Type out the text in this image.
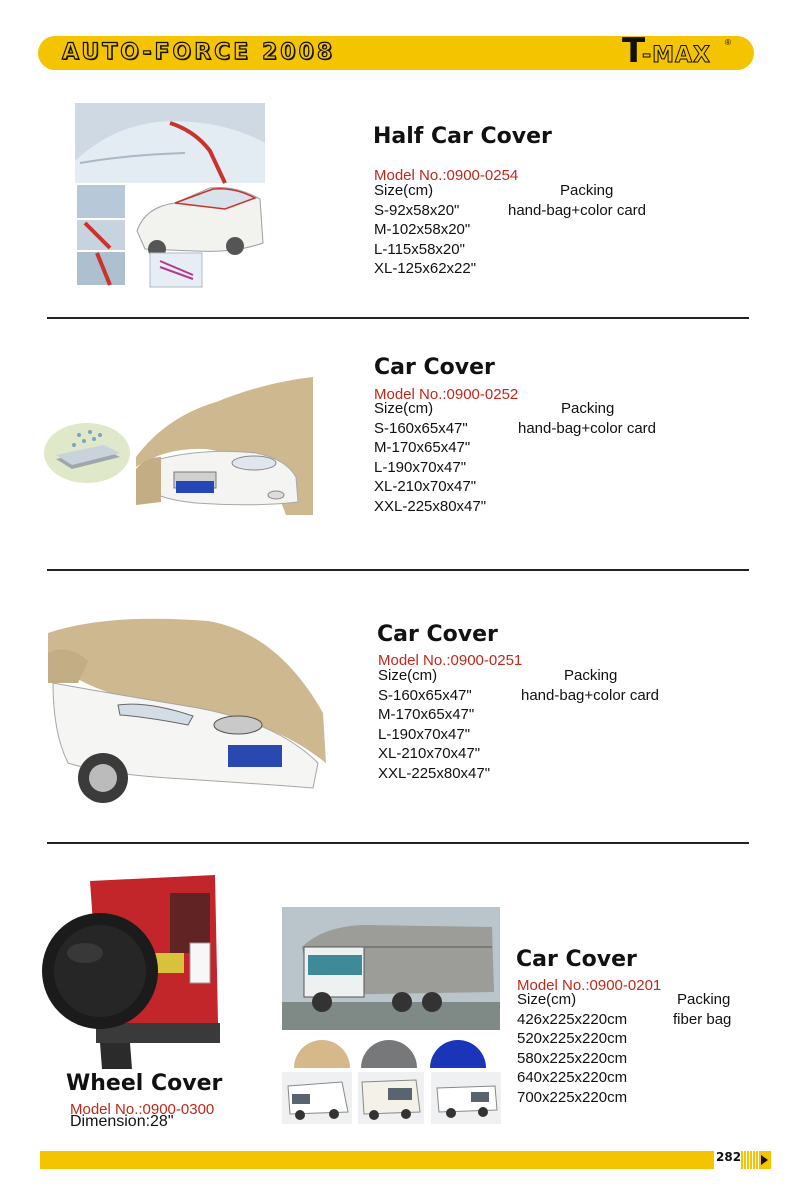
AUTO-FORCE 2008	T
-MAX
®
Half Car Cover
Model No.:0900-0254
Size(cm)
S-92x58x20"
M-102x58x20"
L-115x58x20"
XL-125x62x22"
Packing
hand-bag+color card
Car Cover
Model No.:0900-0252
Size(cm)
S-160x65x47"
M-170x65x47"
L-190x70x47"
XL-210x70x47"
XXL-225x80x47"
Packing
hand-bag+color card
Car Cover
Model No.:0900-0251
Size(cm)
S-160x65x47"
M-170x65x47"
L-190x70x47"
XL-210x70x47"
XXL-225x80x47"
Packing
hand-bag+color card
Wheel Cover
Model No.:0900-0300
Dimension:28"
Car Cover
Model No.:0900-0201
Size(cm)
426x225x220cm
520x225x220cm
580x225x220cm
640x225x220cm
700x225x220cm
Packing
fiber bag
282
